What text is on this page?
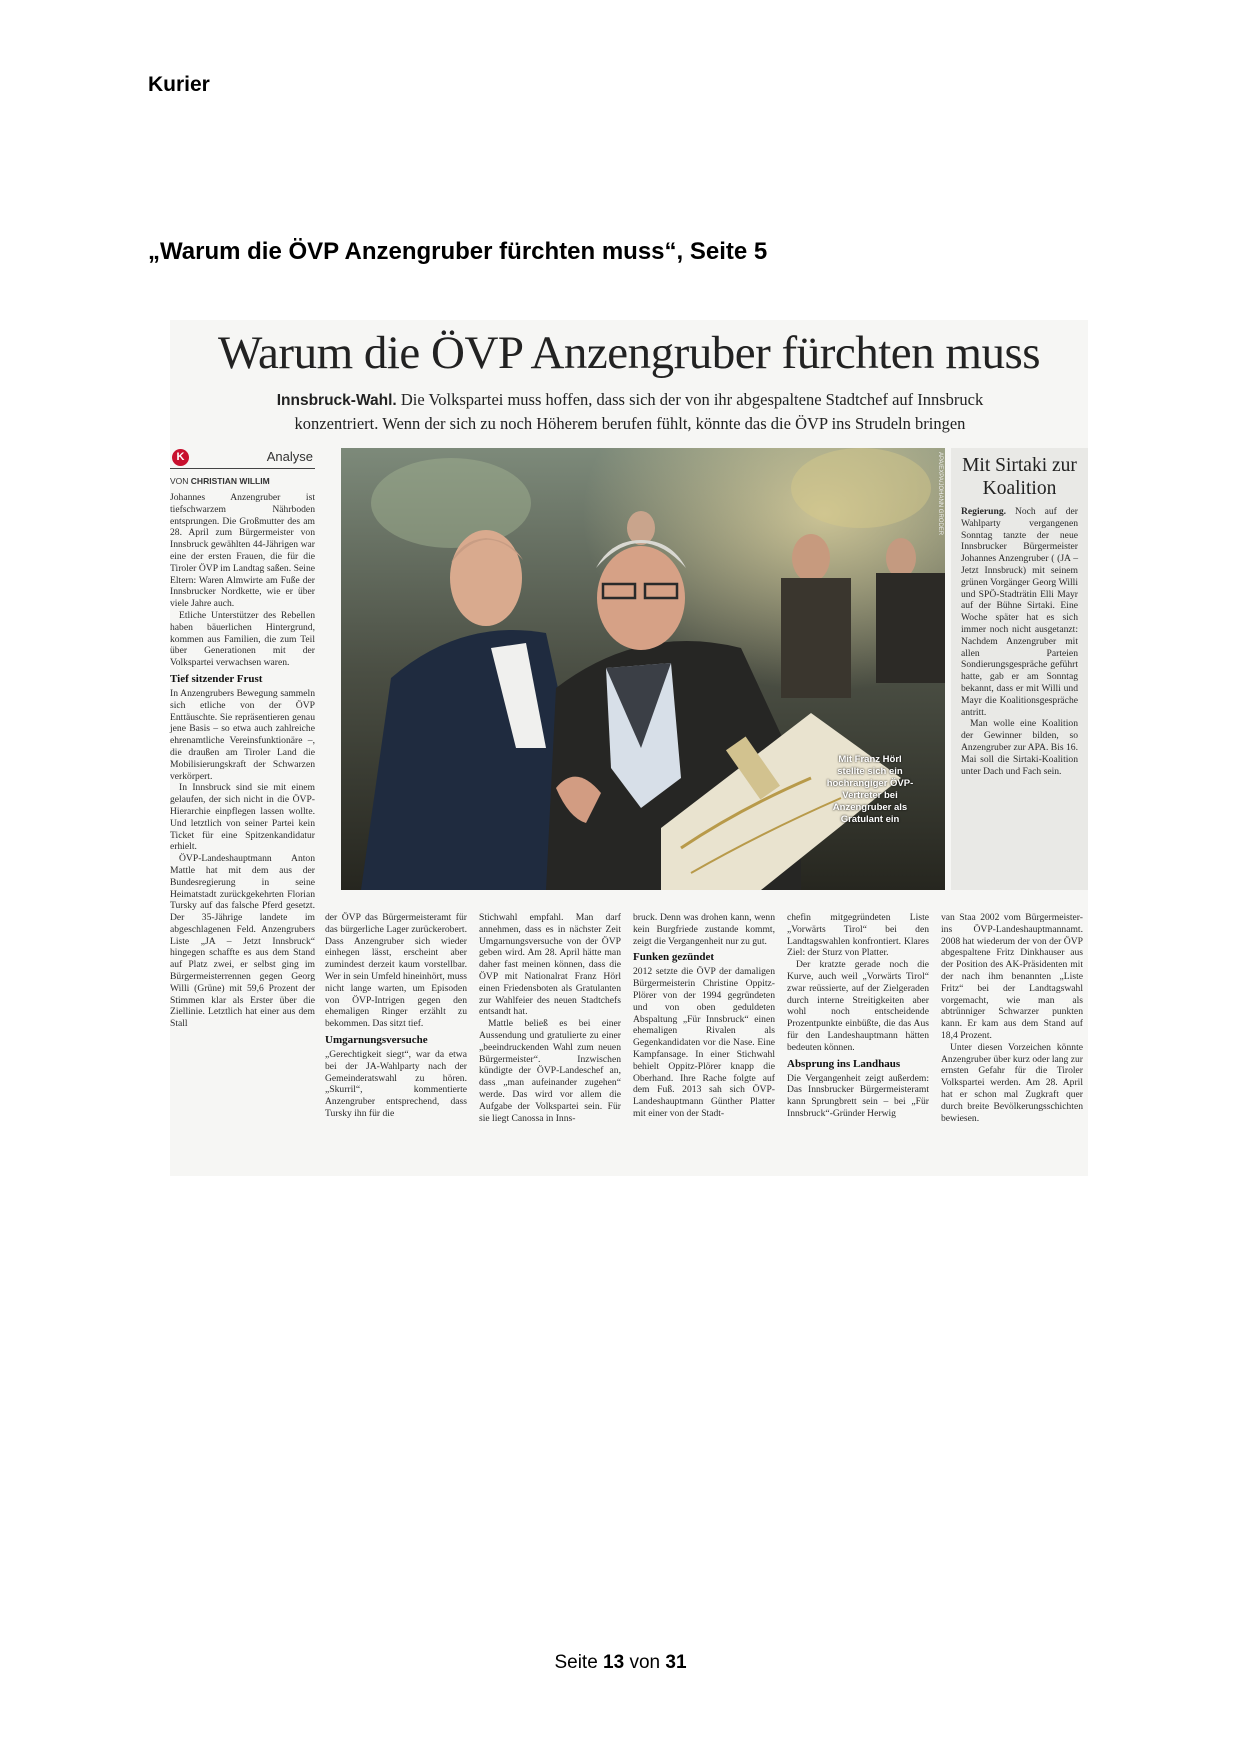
Kurier
„Warum die ÖVP Anzengruber fürchten muss“, Seite 5
Warum die ÖVP Anzengruber fürchten muss
Innsbruck-Wahl. Die Volkspartei muss hoffen, dass sich der von ihr abgespaltene Stadtchef auf Innsbruck konzentriert. Wenn der sich zu noch Höherem berufen fühlt, könnte das die ÖVP ins Strudeln bringen
K	Analyse
VON CHRISTIAN WILLIM

Johannes Anzengruber ist tiefschwarzem Nährboden entsprungen. Die Großmutter des am 28. April zum Bürgermeister von Innsbruck gewählten 44-Jährigen war eine der ersten Frauen, die für die Tiroler ÖVP im Landtag saßen. Seine Eltern: Waren Almwirte am Fuße der Innsbrucker Nordkette, wie er über viele Jahre auch.

Etliche Unterstützer des Rebellen haben bäuerlichen Hintergrund, kommen aus Familien, die zum Teil über Generationen mit der Volkspartei verwachsen waren.

Tief sitzender Frust

In Anzengrubers Bewegung sammeln sich etliche von der ÖVP Enttäuschte. Sie repräsentieren genau jene Basis – so etwa auch zahlreiche ehrenamtliche Vereinsfunktionäre –, die draußen am Tiroler Land die Mobilisierungskraft der Schwarzen verkörpert.

In Innsbruck sind sie mit einem gelaufen, der sich nicht in die ÖVP-Hierarchie einpflegen lassen wollte. Und letztlich von seiner Partei kein Ticket für eine Spitzenkandidatur erhielt.

ÖVP-Landeshauptmann Anton Mattle hat mit dem aus der Bundesregierung in seine Heimatstadt zurückgekehrten Florian Tursky auf das falsche Pferd gesetzt. Der 35-Jährige landete im abgeschlagenen Feld. Anzengrubers Liste „JA – Jetzt Innsbruck“ hingegen schaffte es aus dem Stand auf Platz zwei, er selbst ging im Bürgermeisterrennen gegen Georg Willi (Grüne) mit 59,6 Prozent der Stimmen klar als Erster über die Ziellinie. Letztlich hat einer aus dem Stall

APA/EXPA/JOHANN GRODER
Mit Franz Hörl stellte sich ein hochrangiger ÖVP-Vertreter bei Anzengruber als Gratulant ein
Mit Sirtaki zur Koalition

Regierung. Noch auf der Wahlparty vergangenen Sonntag tanzte der neue Innsbrucker Bürgermeister Johannes Anzengruber ( (JA – Jetzt Innsbruck) mit seinem grünen Vorgänger Georg Willi und SPÖ-Stadträtin Elli Mayr auf der Bühne Sirtaki. Eine Woche später hat es sich immer noch nicht ausgetanzt: Nachdem Anzengruber mit allen Parteien Sondierungsgespräche geführt hatte, gab er am Sonntag bekannt, dass er mit Willi und Mayr die Koalitionsgespräche antritt.

Man wolle eine Koalition der Gewinner bilden, so Anzengruber zur APA. Bis 16. Mai soll die Sirtaki-Koalition unter Dach und Fach sein.

der ÖVP das Bürgermeisteramt für das bürgerliche Lager zurückerobert. Dass Anzengruber sich wieder einhegen lässt, erscheint aber zumindest derzeit kaum vorstellbar. Wer in sein Umfeld hineinhört, muss nicht lange warten, um Episoden von ÖVP-Intrigen gegen den ehemaligen Ringer erzählt zu bekommen. Das sitzt tief.

Umgarnungsversuche

„Gerechtigkeit siegt“, war da etwa bei der JA-Wahlparty nach der Gemeinderatswahl zu hören. „Skurril“, kommentierte Anzengruber entsprechend, dass Tursky ihn für die

Stichwahl empfahl. Man darf annehmen, dass es in nächster Zeit Umgarnungsversuche von der ÖVP geben wird. Am 28. April hätte man daher fast meinen können, dass die ÖVP mit Nationalrat Franz Hörl einen Friedensboten als Gratulanten zur Wahlfeier des neuen Stadtchefs entsandt hat.

Mattle beließ es bei einer Aussendung und gratulierte zu einer „beeindruckenden Wahl zum neuen Bürgermeister“. Inzwischen kündigte der ÖVP-Landeschef an, dass „man aufeinander zugehen“ werde. Das wird vor allem die Aufgabe der Volkspartei sein. Für sie liegt Canossa in Inns-

bruck. Denn was drohen kann, wenn kein Burgfriede zustande kommt, zeigt die Vergangenheit nur zu gut.

Funken gezündet

2012 setzte die ÖVP der damaligen Bürgermeisterin Christine Oppitz-Plörer von der 1994 gegründeten und von oben geduldeten Abspaltung „Für Innsbruck“ einen ehemaligen Rivalen als Gegenkandidaten vor die Nase. Eine Kampfansage. In einer Stichwahl behielt Oppitz-Plörer knapp die Oberhand. Ihre Rache folgte auf dem Fuß. 2013 sah sich ÖVP-Landeshauptmann Günther Platter mit einer von der Stadt-

chefin mitgegründeten Liste „Vorwärts Tirol“ bei den Landtagswahlen konfrontiert. Klares Ziel: der Sturz von Platter.

Der kratzte gerade noch die Kurve, auch weil „Vorwärts Tirol“ zwar reüssierte, auf der Zielgeraden durch interne Streitigkeiten aber wohl noch entscheidende Prozentpunkte einbüßte, die das Aus für den Landeshauptmann hätten bedeuten können.

Absprung ins Landhaus

Die Vergangenheit zeigt außerdem: Das Innsbrucker Bürgermeisteramt kann Sprungbrett sein – bei „Für Innsbruck“-Gründer Herwig

van Staa 2002 vom Bürgermeister- ins ÖVP-Landeshauptmannamt. 2008 hat wiederum der von der ÖVP abgespaltene Fritz Dinkhauser aus der Position des AK-Präsidenten mit der nach ihm benannten „Liste Fritz“ bei der Landtagswahl vorgemacht, wie man als abtrünniger Schwarzer punkten kann. Er kam aus dem Stand auf 18,4 Prozent.

Unter diesen Vorzeichen könnte Anzengruber über kurz oder lang zur ernsten Gefahr für die Tiroler Volkspartei werden. Am 28. April hat er schon mal Zugkraft quer durch breite Bevölkerungsschichten bewiesen.

Seite 13 von 31
